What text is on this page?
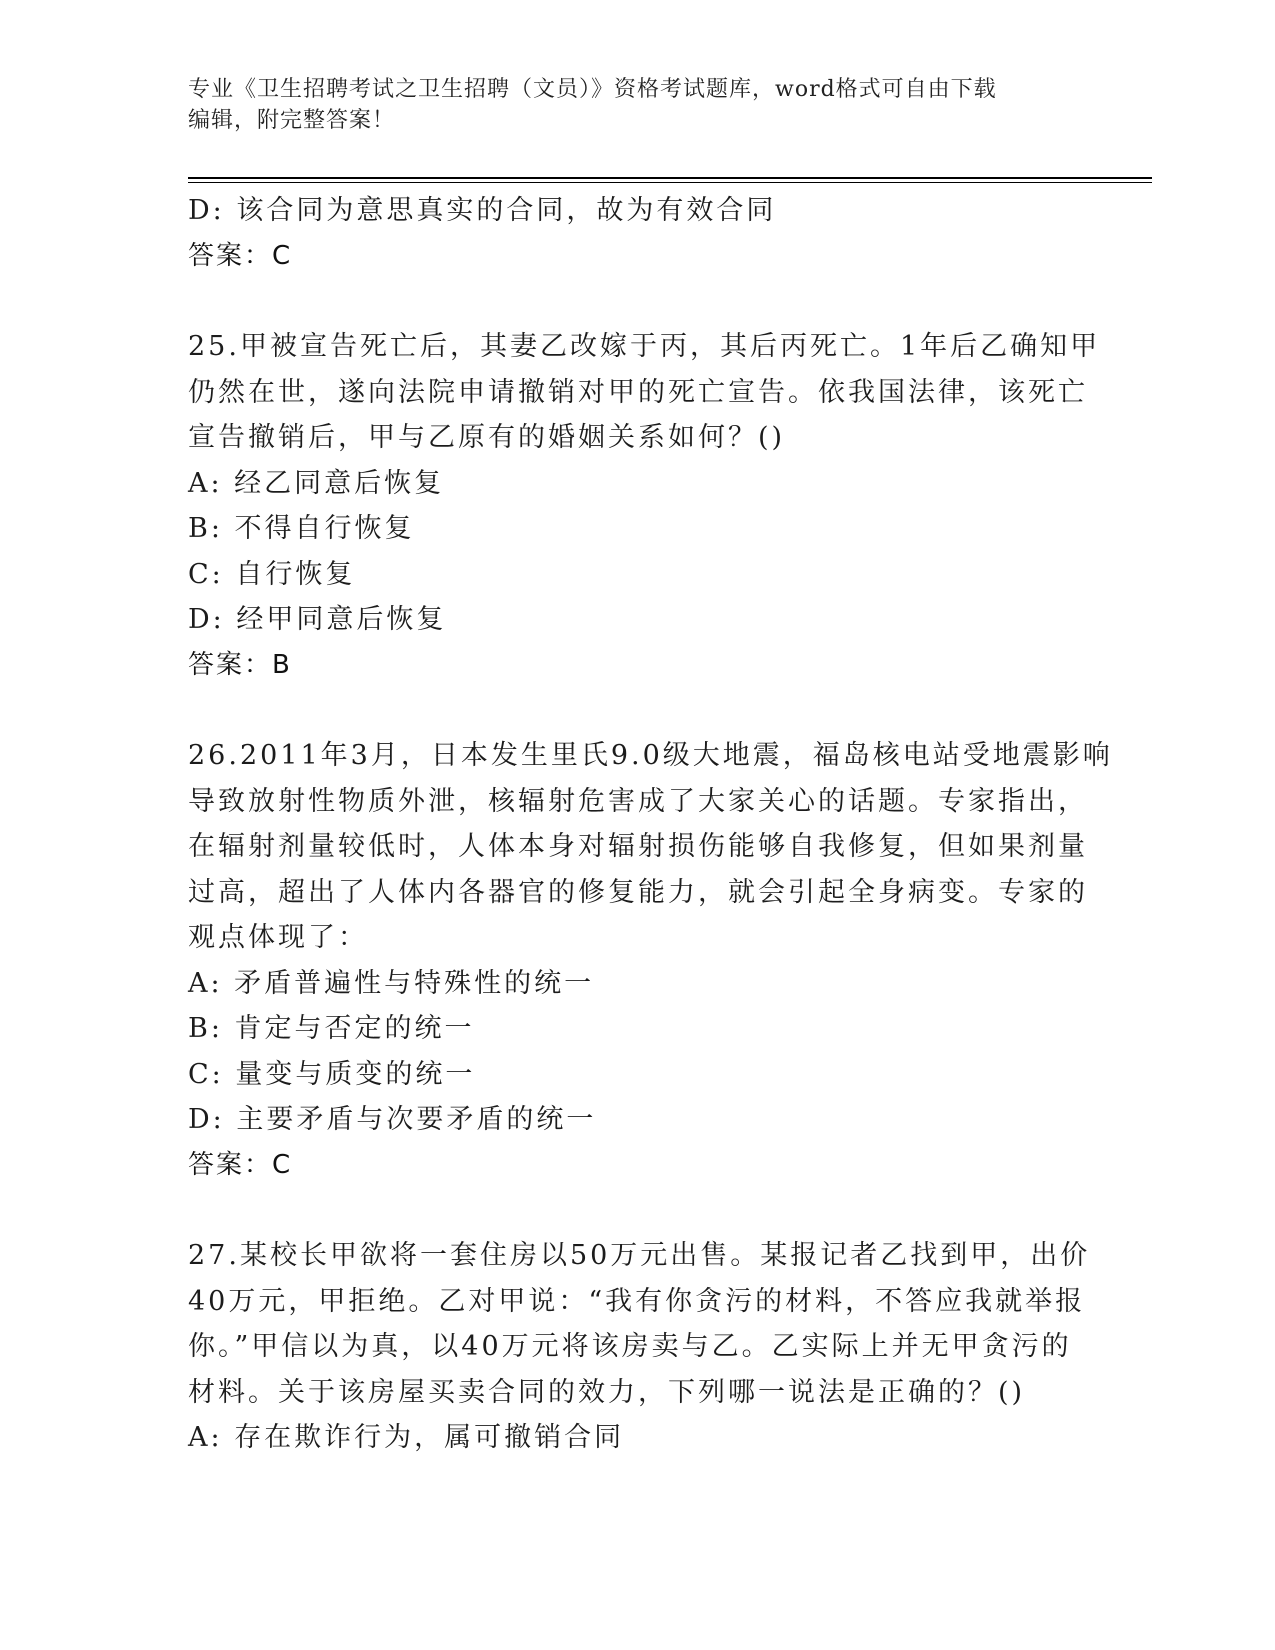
专业《卫生招聘考试之卫生招聘（文员）》资格考试题库，word格式可自由下载
编辑，附完整答案！
D: 该合同为意思真实的合同，故为有效合同
答案：C
25.甲被宣告死亡后，其妻乙改嫁于丙，其后丙死亡。1年后乙确知甲
仍然在世，遂向法院申请撤销对甲的死亡宣告。依我国法律，该死亡
宣告撤销后，甲与乙原有的婚姻关系如何？()
A: 经乙同意后恢复
B: 不得自行恢复
C: 自行恢复
D: 经甲同意后恢复
答案：B
26.2011年3月，日本发生里氏9.0级大地震，福岛核电站受地震影响
导致放射性物质外泄，核辐射危害成了大家关心的话题。专家指出，
在辐射剂量较低时，人体本身对辐射损伤能够自我修复，但如果剂量
过高，超出了人体内各器官的修复能力，就会引起全身病变。专家的
观点体现了：
A: 矛盾普遍性与特殊性的统一
B: 肯定与否定的统一
C: 量变与质变的统一
D: 主要矛盾与次要矛盾的统一
答案：C
27.某校长甲欲将一套住房以50万元出售。某报记者乙找到甲，出价
40万元，甲拒绝。乙对甲说：“我有你贪污的材料，不答应我就举报
你。”甲信以为真，以40万元将该房卖与乙。乙实际上并无甲贪污的
材料。关于该房屋买卖合同的效力，下列哪一说法是正确的？()
A: 存在欺诈行为，属可撤销合同
